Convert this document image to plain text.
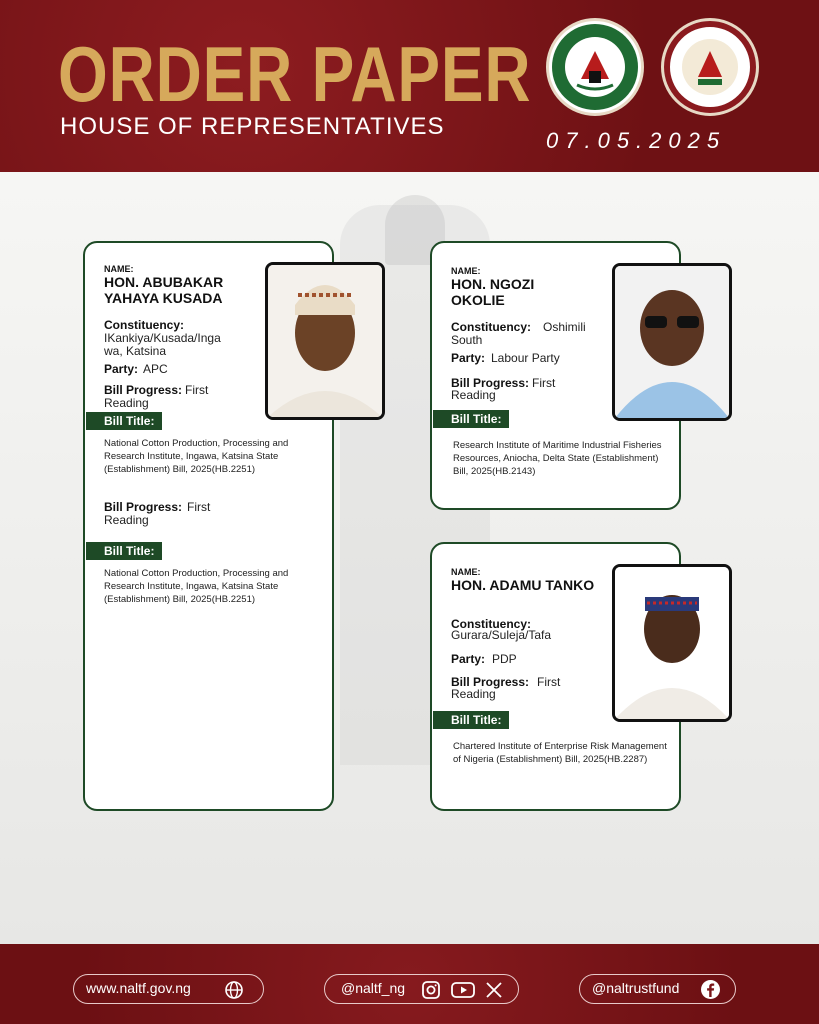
ORDER PAPER
HOUSE OF REPRESENTATIVES
07.05.2025
NAME:
HON. ABUBAKAR
YAHAYA KUSADA
Constituency:
IKankiya/Kusada/Inga
wa, Katsina
Party: APC
Bill Progress: First
Reading
Bill Title:
National Cotton Production, Processing and Research Institute, Ingawa, Katsina State (Establishment) Bill, 2025(HB.2251)
Bill Progress: First
Reading
Bill Title:
National Cotton Production, Processing and Research Institute, Ingawa, Katsina State (Establishment) Bill, 2025(HB.2251)
NAME:
HON. NGOZI
OKOLIE
Constituency: Oshimili
South
Party: Labour Party
Bill Progress: First
Reading
Bill Title:
Research Institute of Maritime Industrial Fisheries Resources, Aniocha, Delta State (Establishment) Bill, 2025(HB.2143)
NAME:
HON. ADAMU TANKO
Constituency:
Gurara/Suleja/Tafa
Party: PDP
Bill Progress: First
Reading
Bill Title:
Chartered Institute of Enterprise Risk Management of Nigeria (Establishment) Bill, 2025(HB.2287)
www.naltf.gov.ng	@naltf_ng	@naltrustfund
